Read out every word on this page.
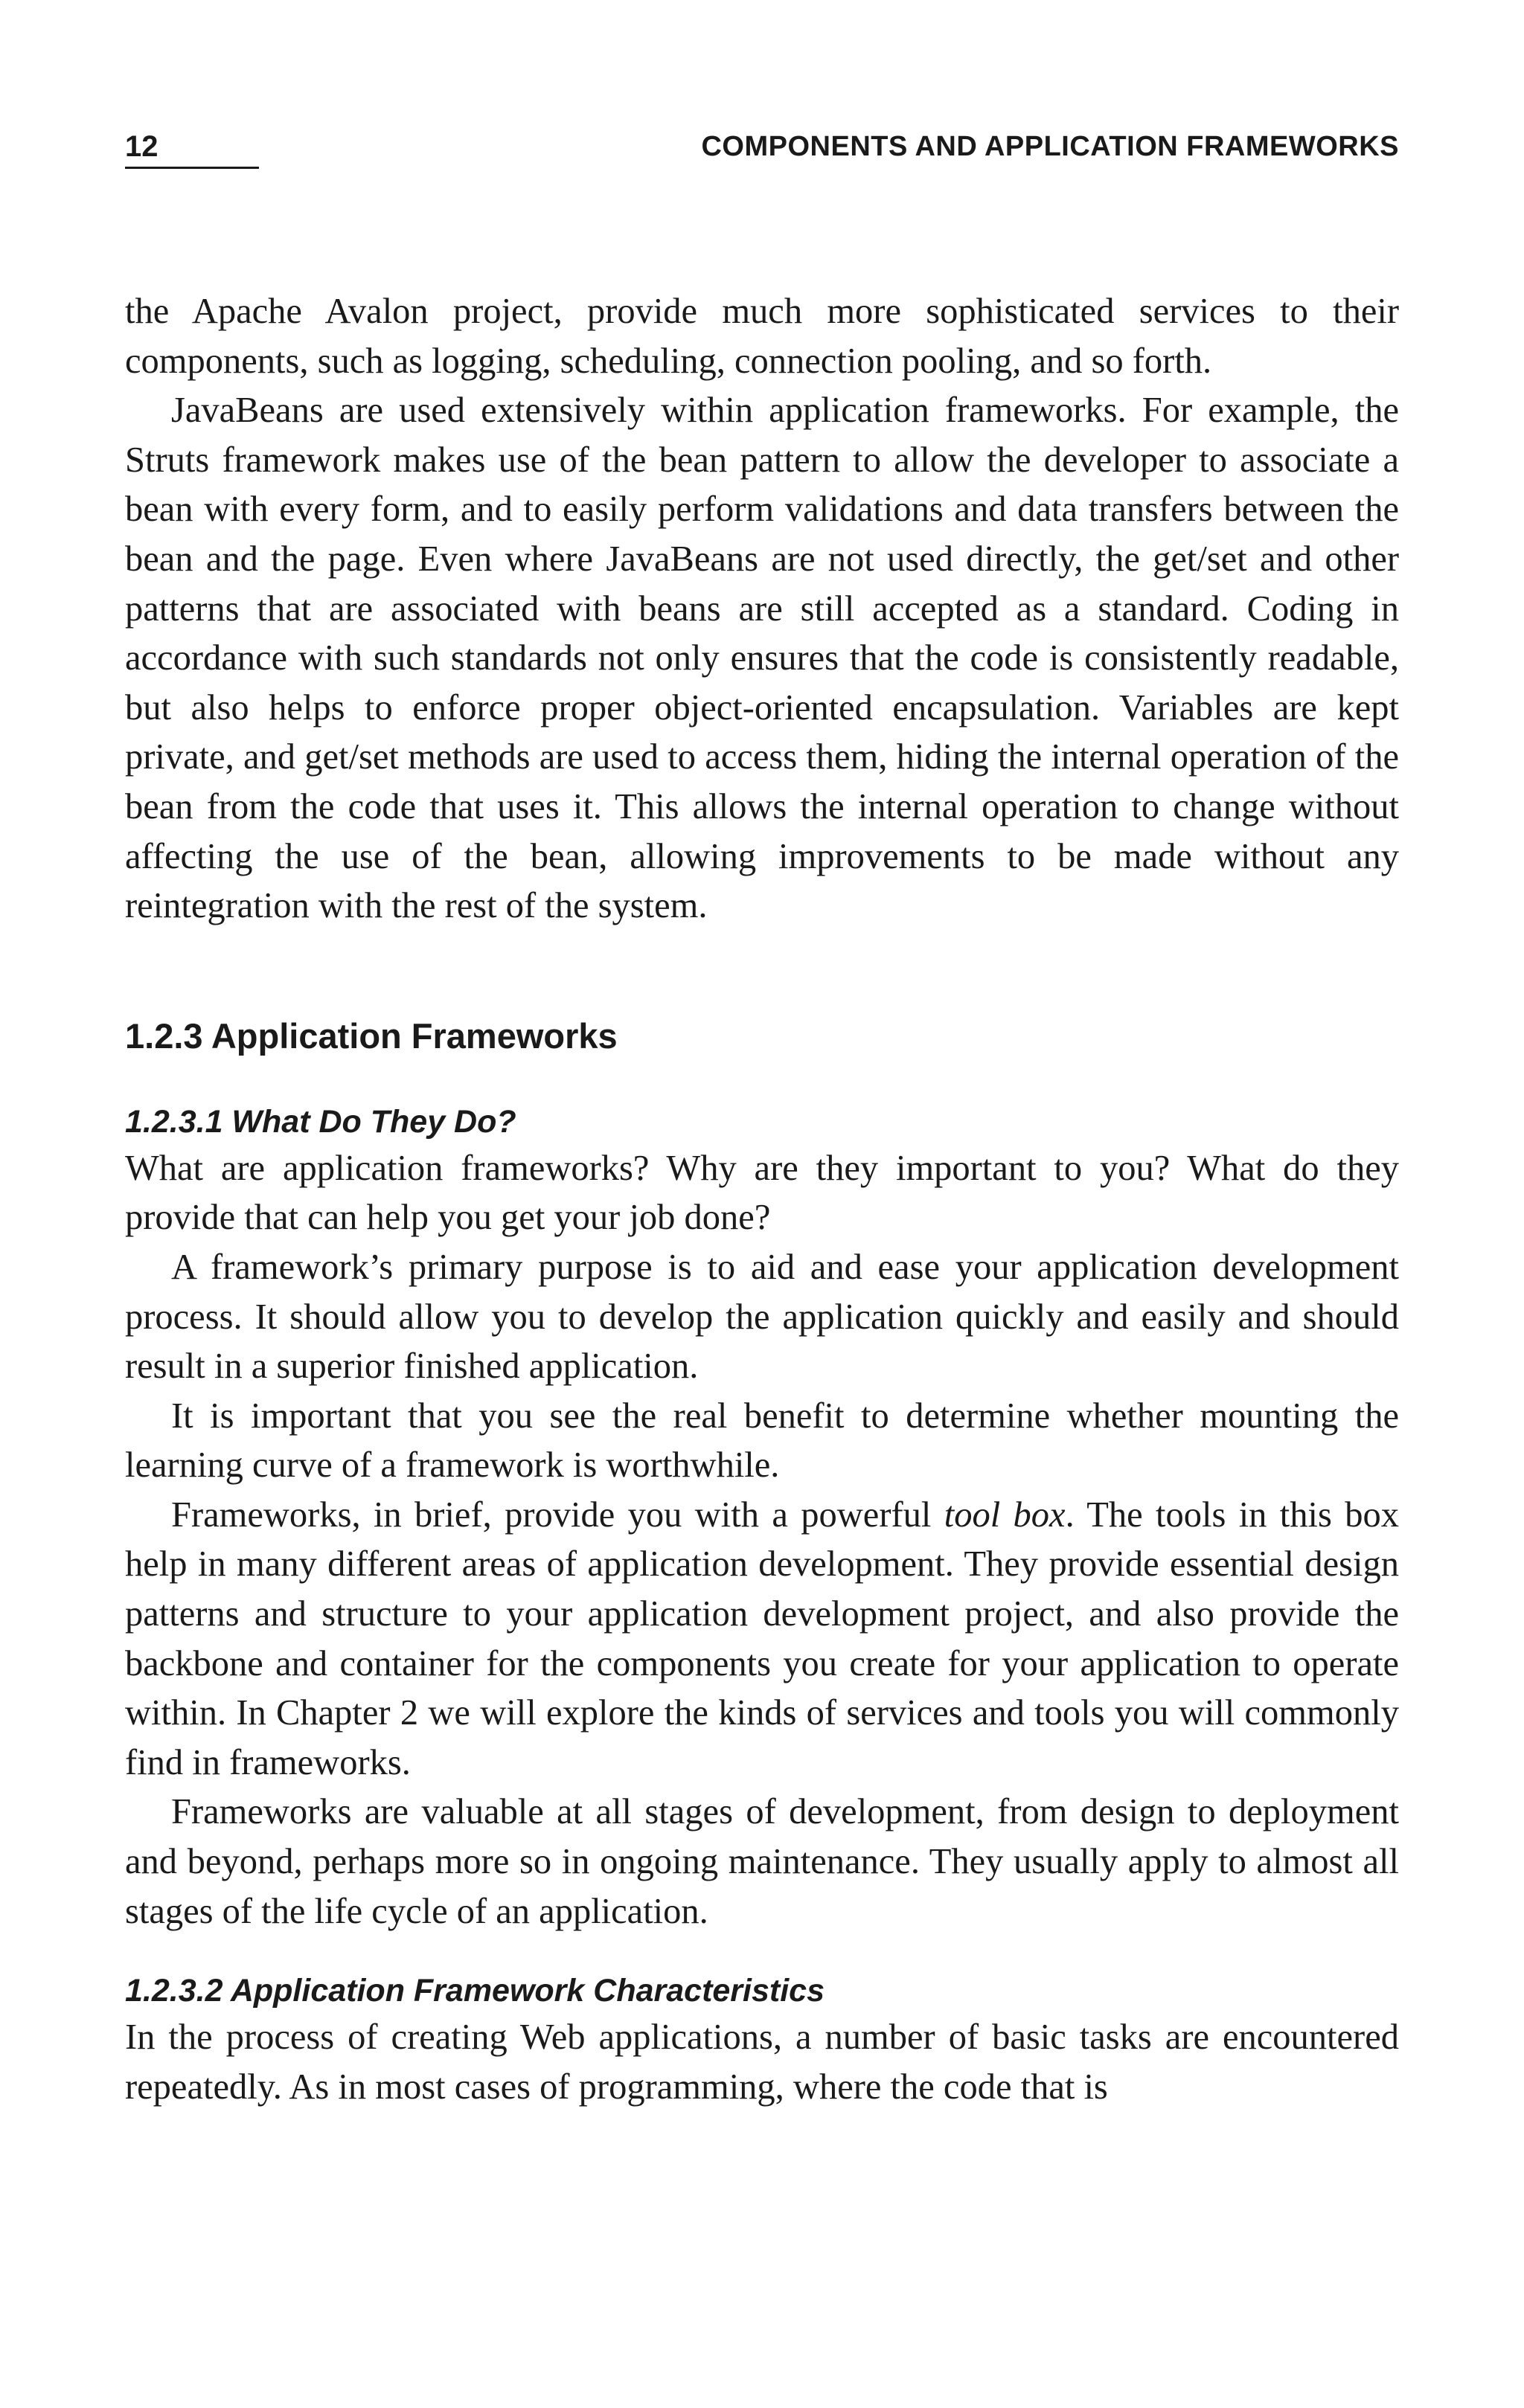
12	COMPONENTS AND APPLICATION FRAMEWORKS

the Apache Avalon project, provide much more sophisticated services to their components, such as logging, scheduling, connection pooling, and so forth.

JavaBeans are used extensively within application frameworks. For example, the Struts framework makes use of the bean pattern to allow the developer to associate a bean with every form, and to easily perform validations and data transfers between the bean and the page. Even where JavaBeans are not used directly, the get/set and other patterns that are associated with beans are still accepted as a standard. Coding in accordance with such standards not only ensures that the code is consistently readable, but also helps to enforce proper object-oriented encapsulation. Variables are kept private, and get/set methods are used to access them, hiding the internal operation of the bean from the code that uses it. This allows the internal operation to change without affecting the use of the bean, allowing improvements to be made without any reintegration with the rest of the system.

1.2.3 Application Frameworks
1.2.3.1 What Do They Do?

What are application frameworks? Why are they important to you? What do they provide that can help you get your job done?

A framework’s primary purpose is to aid and ease your application development process. It should allow you to develop the application quickly and easily and should result in a superior finished application.

It is important that you see the real benefit to determine whether mounting the learning curve of a framework is worthwhile.

Frameworks, in brief, provide you with a powerful tool box. The tools in this box help in many different areas of application development. They provide essential design patterns and structure to your application development project, and also provide the backbone and container for the components you create for your application to operate within. In Chapter 2 we will explore the kinds of services and tools you will commonly find in frameworks.

Frameworks are valuable at all stages of development, from design to deployment and beyond, perhaps more so in ongoing maintenance. They usually apply to almost all stages of the life cycle of an application.

1.2.3.2 Application Framework Characteristics

In the process of creating Web applications, a number of basic tasks are encountered repeatedly. As in most cases of programming, where the code that is
